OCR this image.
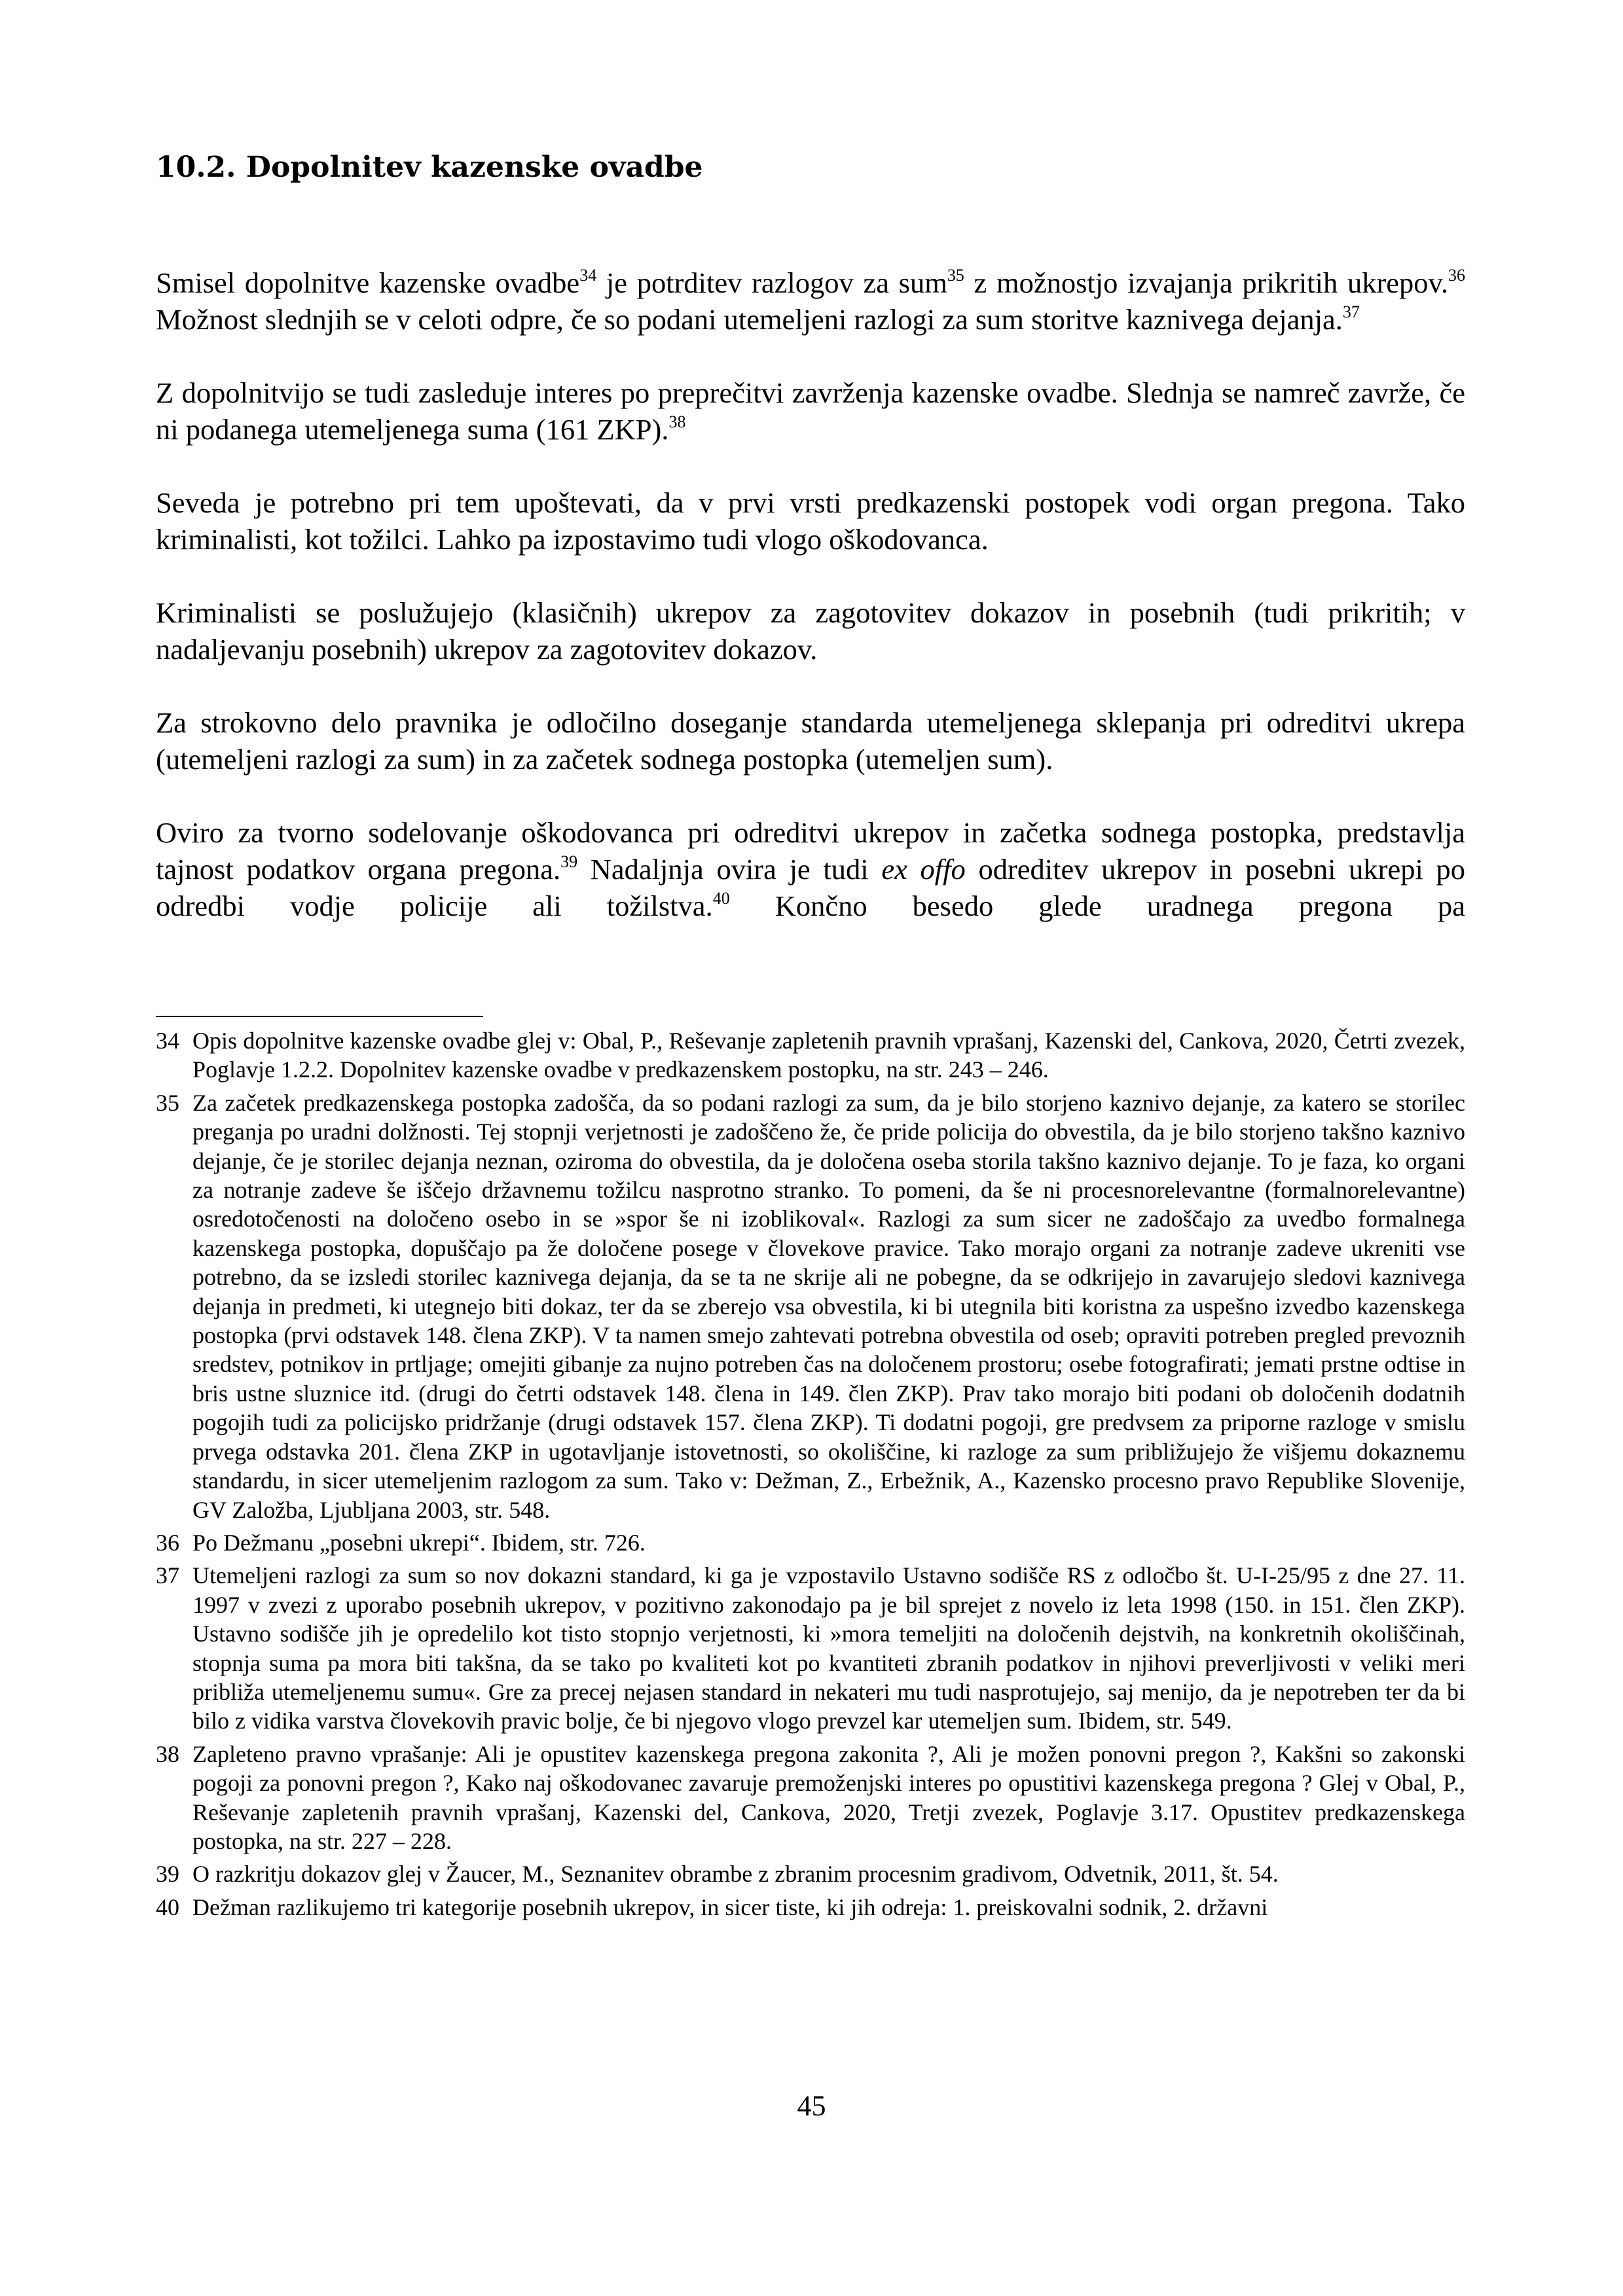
10.2. Dopolnitev kazenske ovadbe

Smisel dopolnitve kazenske ovadbe$^{34}$ je potrditev razlogov za sum$^{35}$ z možnostjo izvajanja prikritih ukrepov.$^{36}$ Možnost slednjih se v celoti odpre, če so podani utemeljeni razlogi za sum storitve kaznivega dejanja.$^{37}$

Z dopolnitvijo se tudi zasleduje interes po preprečitvi zavrženja kazenske ovadbe. Slednja se namreč zavrže, če ni podanega utemeljenega suma (161 ZKP).$^{38}$

Seveda je potrebno pri tem upoštevati, da v prvi vrsti predkazenski postopek vodi organ pregona. Tako kriminalisti, kot tožilci. Lahko pa izpostavimo tudi vlogo oškodovanca.

Kriminalisti se poslužujejo (klasičnih) ukrepov za zagotovitev dokazov in posebnih (tudi prikritih; v nadaljevanju posebnih) ukrepov za zagotovitev dokazov.

Za strokovno delo pravnika je odločilno doseganje standarda utemeljenega sklepanja pri odreditvi ukrepa (utemeljeni razlogi za sum) in za začetek sodnega postopka (utemeljen sum).

Oviro za tvorno sodelovanje oškodovanca pri odreditvi ukrepov in začetka sodnega postopka, predstavlja tajnost podatkov organa pregona.$^{39}$ Nadaljnja ovira je tudi ex offo odreditev ukrepov in posebni ukrepi po odredbi vodje policije ali tožilstva.$^{40}$ Končno besedo glede uradnega pregona pa

34 Opis dopolnitve kazenske ovadbe glej v: Obal, P., Reševanje zapletenih pravnih vprašanj, Kazenski del, Cankova, 2020, Četrti zvezek, Poglavje 1.2.2. Dopolnitev kazenske ovadbe v predkazenskem postopku, na str. 243 – 246.
35 Za začetek predkazenskega postopka zadošča, da so podani razlogi za sum, da je bilo storjeno kaznivo dejanje, za katero se storilec preganja po uradni dolžnosti. Tej stopnji verjetnosti je zadoščeno že, če pride policija do obvestila, da je bilo storjeno takšno kaznivo dejanje, če je storilec dejanja neznan, oziroma do obvestila, da je določena oseba storila takšno kaznivo dejanje. To je faza, ko organi za notranje zadeve še iščejo državnemu tožilcu nasprotno stranko. To pomeni, da še ni procesnorelevantne (formalnorelevantne) osredotočenosti na določeno osebo in se »spor še ni izoblikoval«. Razlogi za sum sicer ne zadoščajo za uvedbo formalnega kazenskega postopka, dopuščajo pa že določene posege v človekove pravice. Tako morajo organi za notranje zadeve ukreniti vse potrebno, da se izsledi storilec kaznivega dejanja, da se ta ne skrije ali ne pobegne, da se odkrijejo in zavarujejo sledovi kaznivega dejanja in predmeti, ki utegnejo biti dokaz, ter da se zberejo vsa obvestila, ki bi utegnila biti koristna za uspešno izvedbo kazenskega postopka (prvi odstavek 148. člena ZKP). V ta namen smejo zahtevati potrebna obvestila od oseb; opraviti potreben pregled prevoznih sredstev, potnikov in prtljage; omejiti gibanje za nujno potreben čas na določenem prostoru; osebe fotografirati; jemati prstne odtise in bris ustne sluznice itd. (drugi do četrti odstavek 148. člena in 149. člen ZKP). Prav tako morajo biti podani ob določenih dodatnih pogojih tudi za policijsko pridržanje (drugi odstavek 157. člena ZKP). Ti dodatni pogoji, gre predvsem za priporne razloge v smislu prvega odstavka 201. člena ZKP in ugotavljanje istovetnosti, so okoliščine, ki razloge za sum približujejo že višjemu dokaznemu standardu, in sicer utemeljenim razlogom za sum. Tako v: Dežman, Z., Erbežnik, A., Kazensko procesno pravo Republike Slovenije, GV Založba, Ljubljana 2003, str. 548.
36 Po Dežmanu „posebni ukrepi“. Ibidem, str. 726.
37 Utemeljeni razlogi za sum so nov dokazni standard, ki ga je vzpostavilo Ustavno sodišče RS z odločbo št. U-I-25/95 z dne 27. 11. 1997 v zvezi z uporabo posebnih ukrepov, v pozitivno zakonodajo pa je bil sprejet z novelo iz leta 1998 (150. in 151. člen ZKP). Ustavno sodišče jih je opredelilo kot tisto stopnjo verjetnosti, ki »mora temeljiti na določenih dejstvih, na konkretnih okoliščinah, stopnja suma pa mora biti takšna, da se tako po kvaliteti kot po kvantiteti zbranih podatkov in njihovi preverljivosti v veliki meri približa utemeljenemu sumu«. Gre za precej nejasen standard in nekateri mu tudi nasprotujejo, saj menijo, da je nepotreben ter da bi bilo z vidika varstva človekovih pravic bolje, če bi njegovo vlogo prevzel kar utemeljen sum. Ibidem, str. 549.
38 Zapleteno pravno vprašanje: Ali je opustitev kazenskega pregona zakonita ?, Ali je možen ponovni pregon ?, Kakšni so zakonski pogoji za ponovni pregon ?, Kako naj oškodovanec zavaruje premoženjski interes po opustitivi kazenskega pregona ? Glej v Obal, P., Reševanje zapletenih pravnih vprašanj, Kazenski del, Cankova, 2020, Tretji zvezek, Poglavje 3.17. Opustitev predkazenskega postopka, na str. 227 – 228.
39 O razkritju dokazov glej v Žaucer, M., Seznanitev obrambe z zbranim procesnim gradivom, Odvetnik, 2011, št. 54.
40 Dežman razlikujemo tri kategorije posebnih ukrepov, in sicer tiste, ki jih odreja: 1. preiskovalni sodnik, 2. državni
45
